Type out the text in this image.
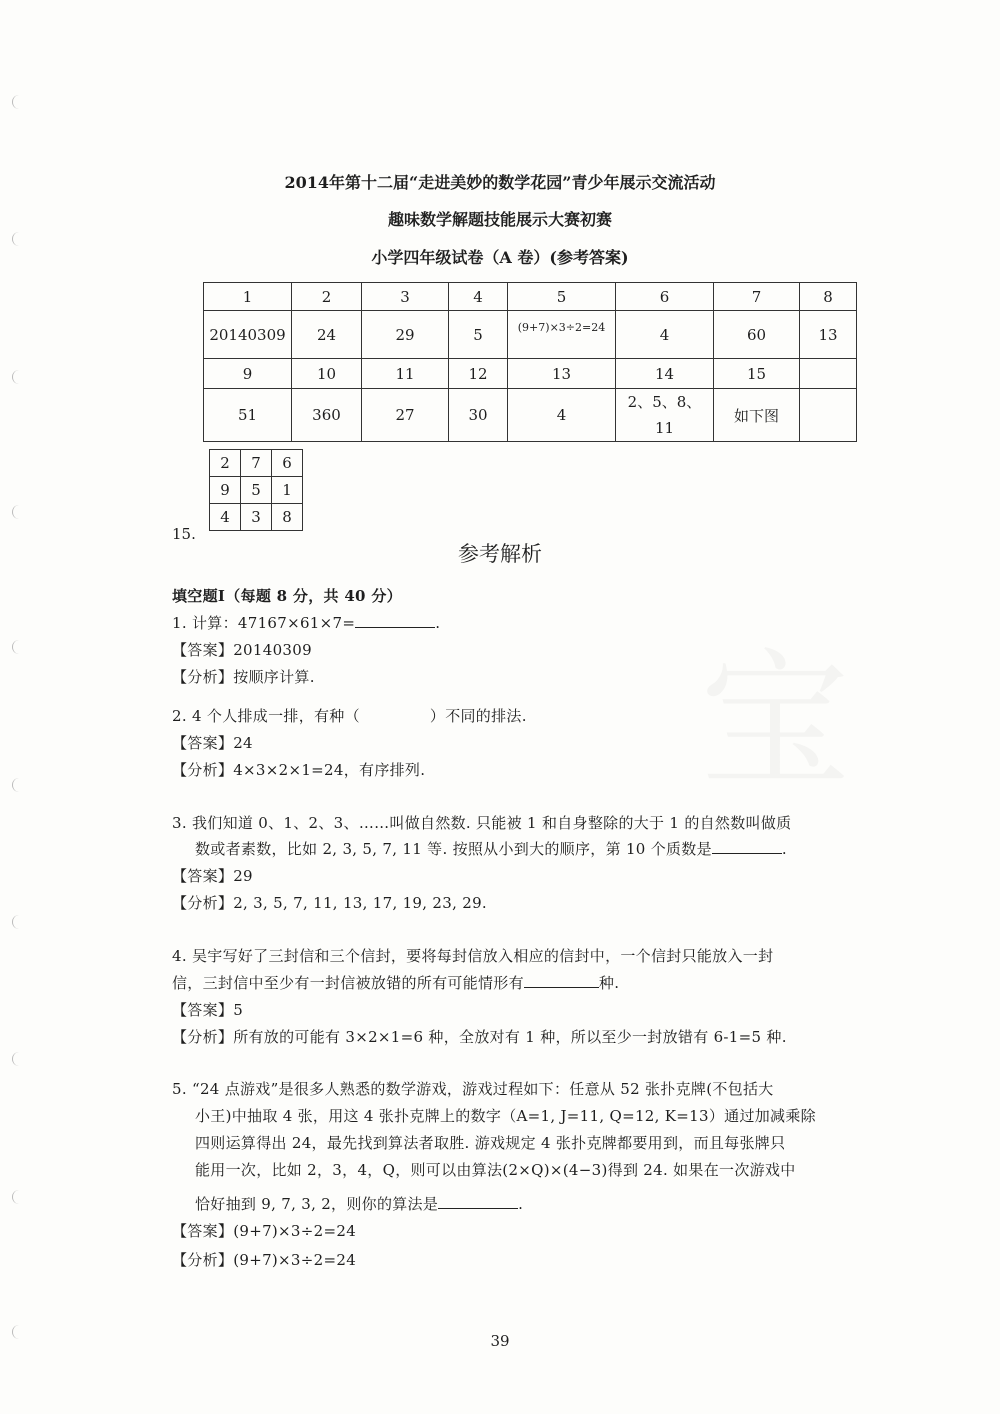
2014年第十二届“走进美妙的数学花园”青少年展示交流活动
趣味数学解题技能展示大赛初赛
小学四年级试卷（A 卷）(参考答案)
1	2	3	4	5	6	7	8
20140309	24	29	5	(9+7)×3÷2=24	4	60	13
9	10	11	12	13	14	15	
51	360	27	30	4	2、5、8、11	如下图	
2	7	6
9	5	1
4	3	8
15.
参考解析
填空题Ⅰ（每题 8 分，共 40 分）
1. 计算：47167×61×7=	.
【答案】20140309
【分析】按顺序计算.
2. 4 个人排成一排，有种（	）不同的排法.
【答案】24
【分析】4×3×2×1=24，有序排列.
3. 我们知道 0、1、2、3、……叫做自然数. 只能被 1 和自身整除的大于 1 的自然数叫做质
数或者素数，比如 2, 3, 5, 7, 11 等. 按照从小到大的顺序，第 10 个质数是	.
【答案】29
【分析】2, 3, 5, 7, 11, 13, 17, 19, 23, 29.
4. 吴宇写好了三封信和三个信封，要将每封信放入相应的信封中，一个信封只能放入一封
信，三封信中至少有一封信被放错的所有可能情形有	种.
【答案】5
【分析】所有放的可能有 3×2×1=6 种，全放对有 1 种，所以至少一封放错有 6-1=5 种.
5. “24 点游戏”是很多人熟悉的数学游戏，游戏过程如下：任意从 52 张扑克牌(不包括大
小王)中抽取 4 张，用这 4 张扑克牌上的数字（A=1, J=11, Q=12, K=13）通过加减乘除
四则运算得出 24，最先找到算法者取胜. 游戏规定 4 张扑克牌都要用到，而且每张牌只
能用一次，比如 2，3，4，Q，则可以由算法(2×Q)×(4−3)得到 24. 如果在一次游戏中
恰好抽到 9, 7, 3, 2，则你的算法是	.
【答案】(9+7)×3÷2=24
【分析】(9+7)×3÷2=24
39
